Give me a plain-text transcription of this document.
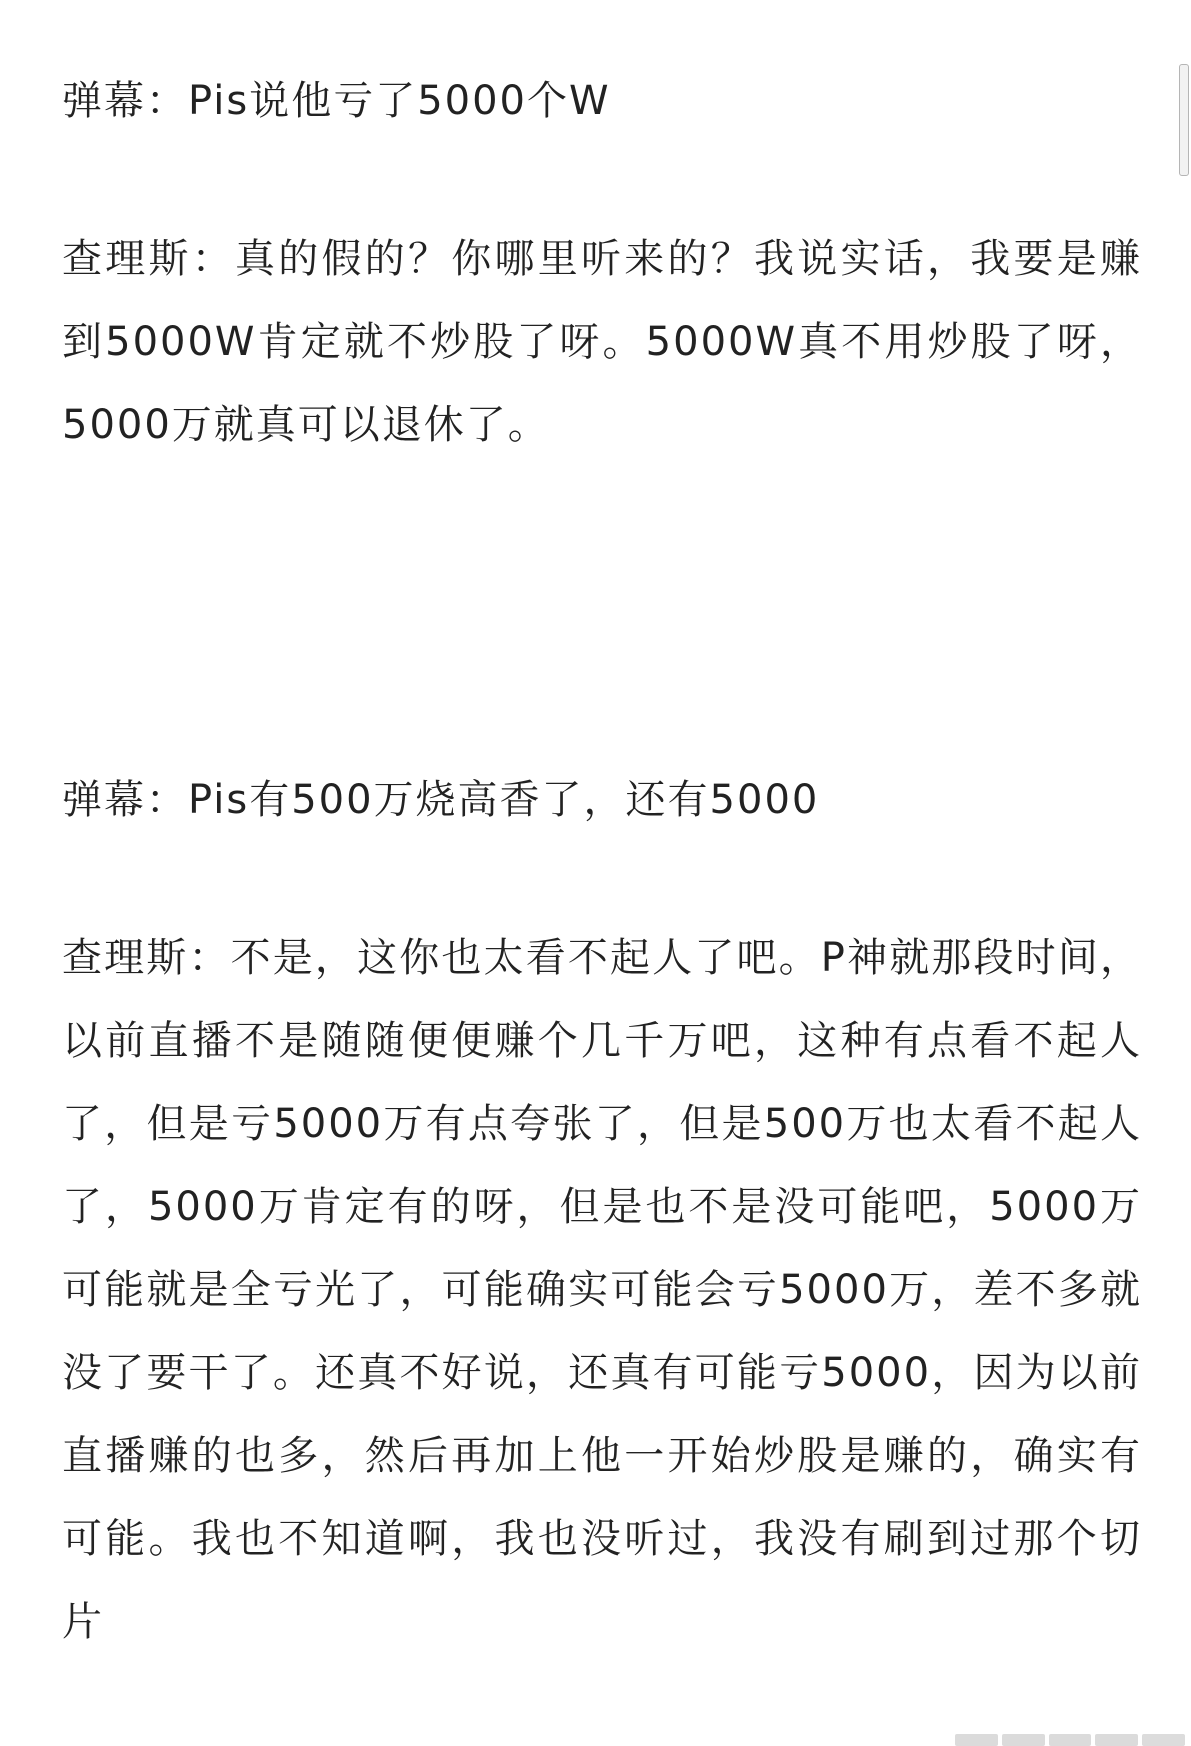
弹幕：Pis说他亏了5000个W

查理斯：真的假的？你哪里听来的？我说实话，我要是赚到5000W肯定就不炒股了呀。5000W真不用炒股了呀，5000万就真可以退休了。

弹幕：Pis有500万烧高香了，还有5000

查理斯：不是，这你也太看不起人了吧。P神就那段时间，以前直播不是随随便便赚个几千万吧，这种有点看不起人了，但是亏5000万有点夸张了，但是500万也太看不起人了，5000万肯定有的呀，但是也不是没可能吧，5000万可能就是全亏光了，可能确实可能会亏5000万，差不多就没了要干了。还真不好说，还真有可能亏5000，因为以前直播赚的也多，然后再加上他一开始炒股是赚的，确实有可能。我也不知道啊，我也没听过，我没有刷到过那个切片
